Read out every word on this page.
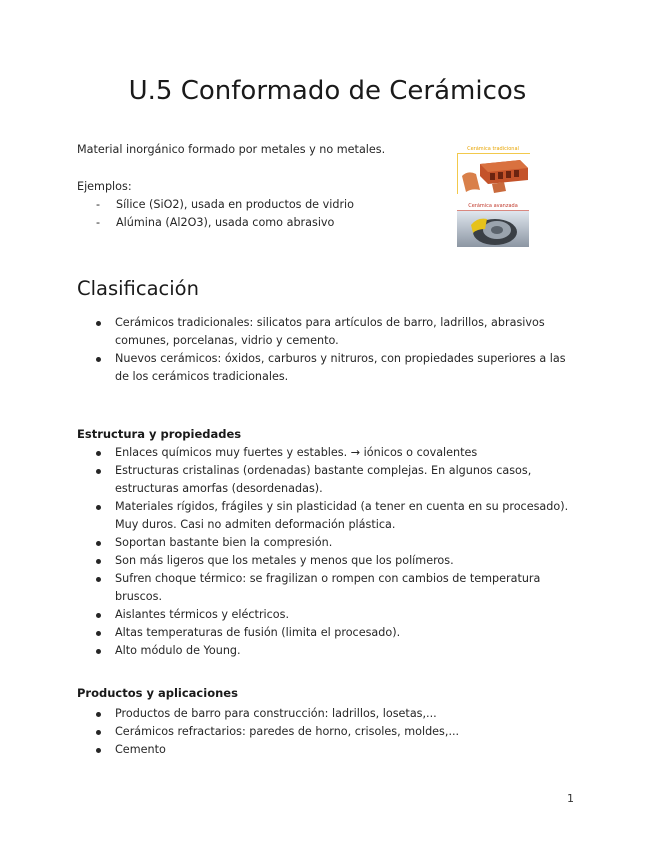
U.5 Conformado de Cerámicos

Material inorgánico formado por metales y no metales.

Ejemplos:

- Sílice (SiO2), usada en productos de vidrio
- Alúmina (Al2O3), usada como abrasivo
Cerámica tradicional
Cerámica avanzada
Clasificación
Cerámicos tradicionales: silicatos para artículos de barro, ladrillos, abrasivos comunes, porcelanas, vidrio y cemento.
Nuevos cerámicos: óxidos, carburos y nitruros, con propiedades superiores a las de los cerámicos tradicionales.
Estructura y propiedades
Enlaces químicos muy fuertes y estables. → iónicos o covalentes
Estructuras cristalinas (ordenadas) bastante complejas. En algunos casos, estructuras amorfas (desordenadas).
Materiales rígidos, frágiles y sin plasticidad (a tener en cuenta en su procesado). Muy duros. Casi no admiten deformación plástica.
Soportan bastante bien la compresión.
Son más ligeros que los metales y menos que los polímeros.
Sufren choque térmico: se fragilizan o rompen con cambios de temperatura bruscos.
Aislantes térmicos y eléctricos.
Altas temperaturas de fusión (limita el procesado).
Alto módulo de Young.
Productos y aplicaciones
Productos de barro para construcción: ladrillos, losetas,...
Cerámicos refractarios: paredes de horno, crisoles, moldes,...
Cemento
1
